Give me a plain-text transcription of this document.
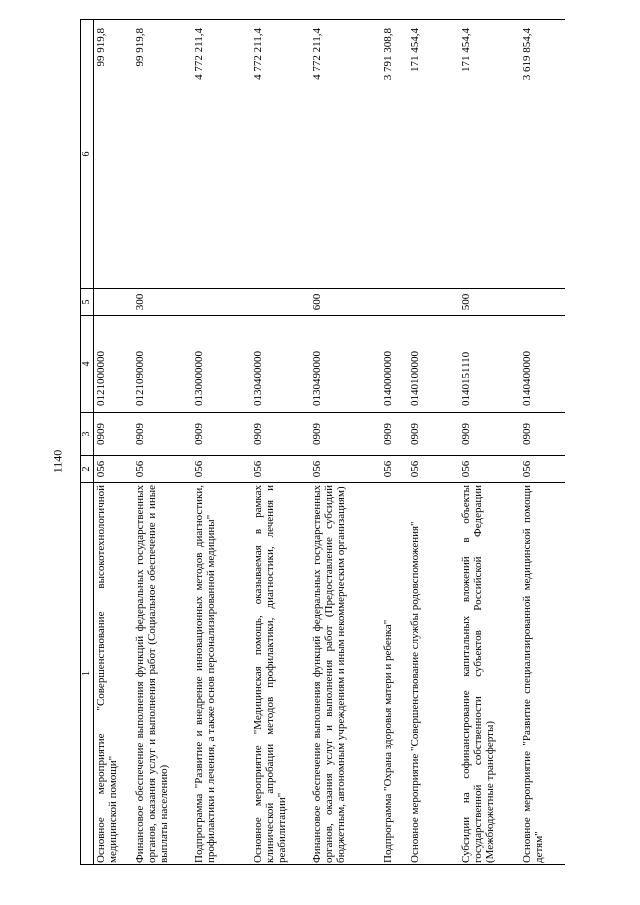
1140
1	2	3	4	5	6
Основное мероприятие "Совершенствование высокотехнологичной медицинской помощи"	056	0909	0121000000		99 919,8
Финансовое обеспечение выполнения функций федеральных государственных органов, оказания услуг и выполнения работ (Социальное обеспечение и иные выплаты населению)	056	0909	0121090000	300	99 919,8
Подпрограмма "Развитие и внедрение инновационных методов диагностики, профилактики и лечения, а также основ персонализированной медицины"	056	0909	0130000000		4 772 211,4
Основное мероприятие "Медицинская помощь, оказываемая в рамках клинической апробации методов профилактики, диагностики, лечения и реабилитации"	056	0909	0130400000		4 772 211,4
Финансовое обеспечение выполнения функций федеральных государственных органов, оказания услуг и выполнения работ (Предоставление субсидий бюджетным, автономным учреждениям и иным некоммерческим организациям)	056	0909	0130490000	600	4 772 211,4
Подпрограмма "Охрана здоровья матери и ребенка"	056	0909	0140000000		3 791 308,8
Основное мероприятие "Совершенствование службы родовспоможения"	056	0909	0140100000		171 454,4
Субсидии на софинансирование капитальных вложений в объекты государственной собственности субъектов Российской Федерации (Межбюджетные трансферты)	056	0909	0140151110	500	171 454,4
Основное мероприятие "Развитие специализированной медицинской помощи детям"	056	0909	0140400000		3 619 854,4
